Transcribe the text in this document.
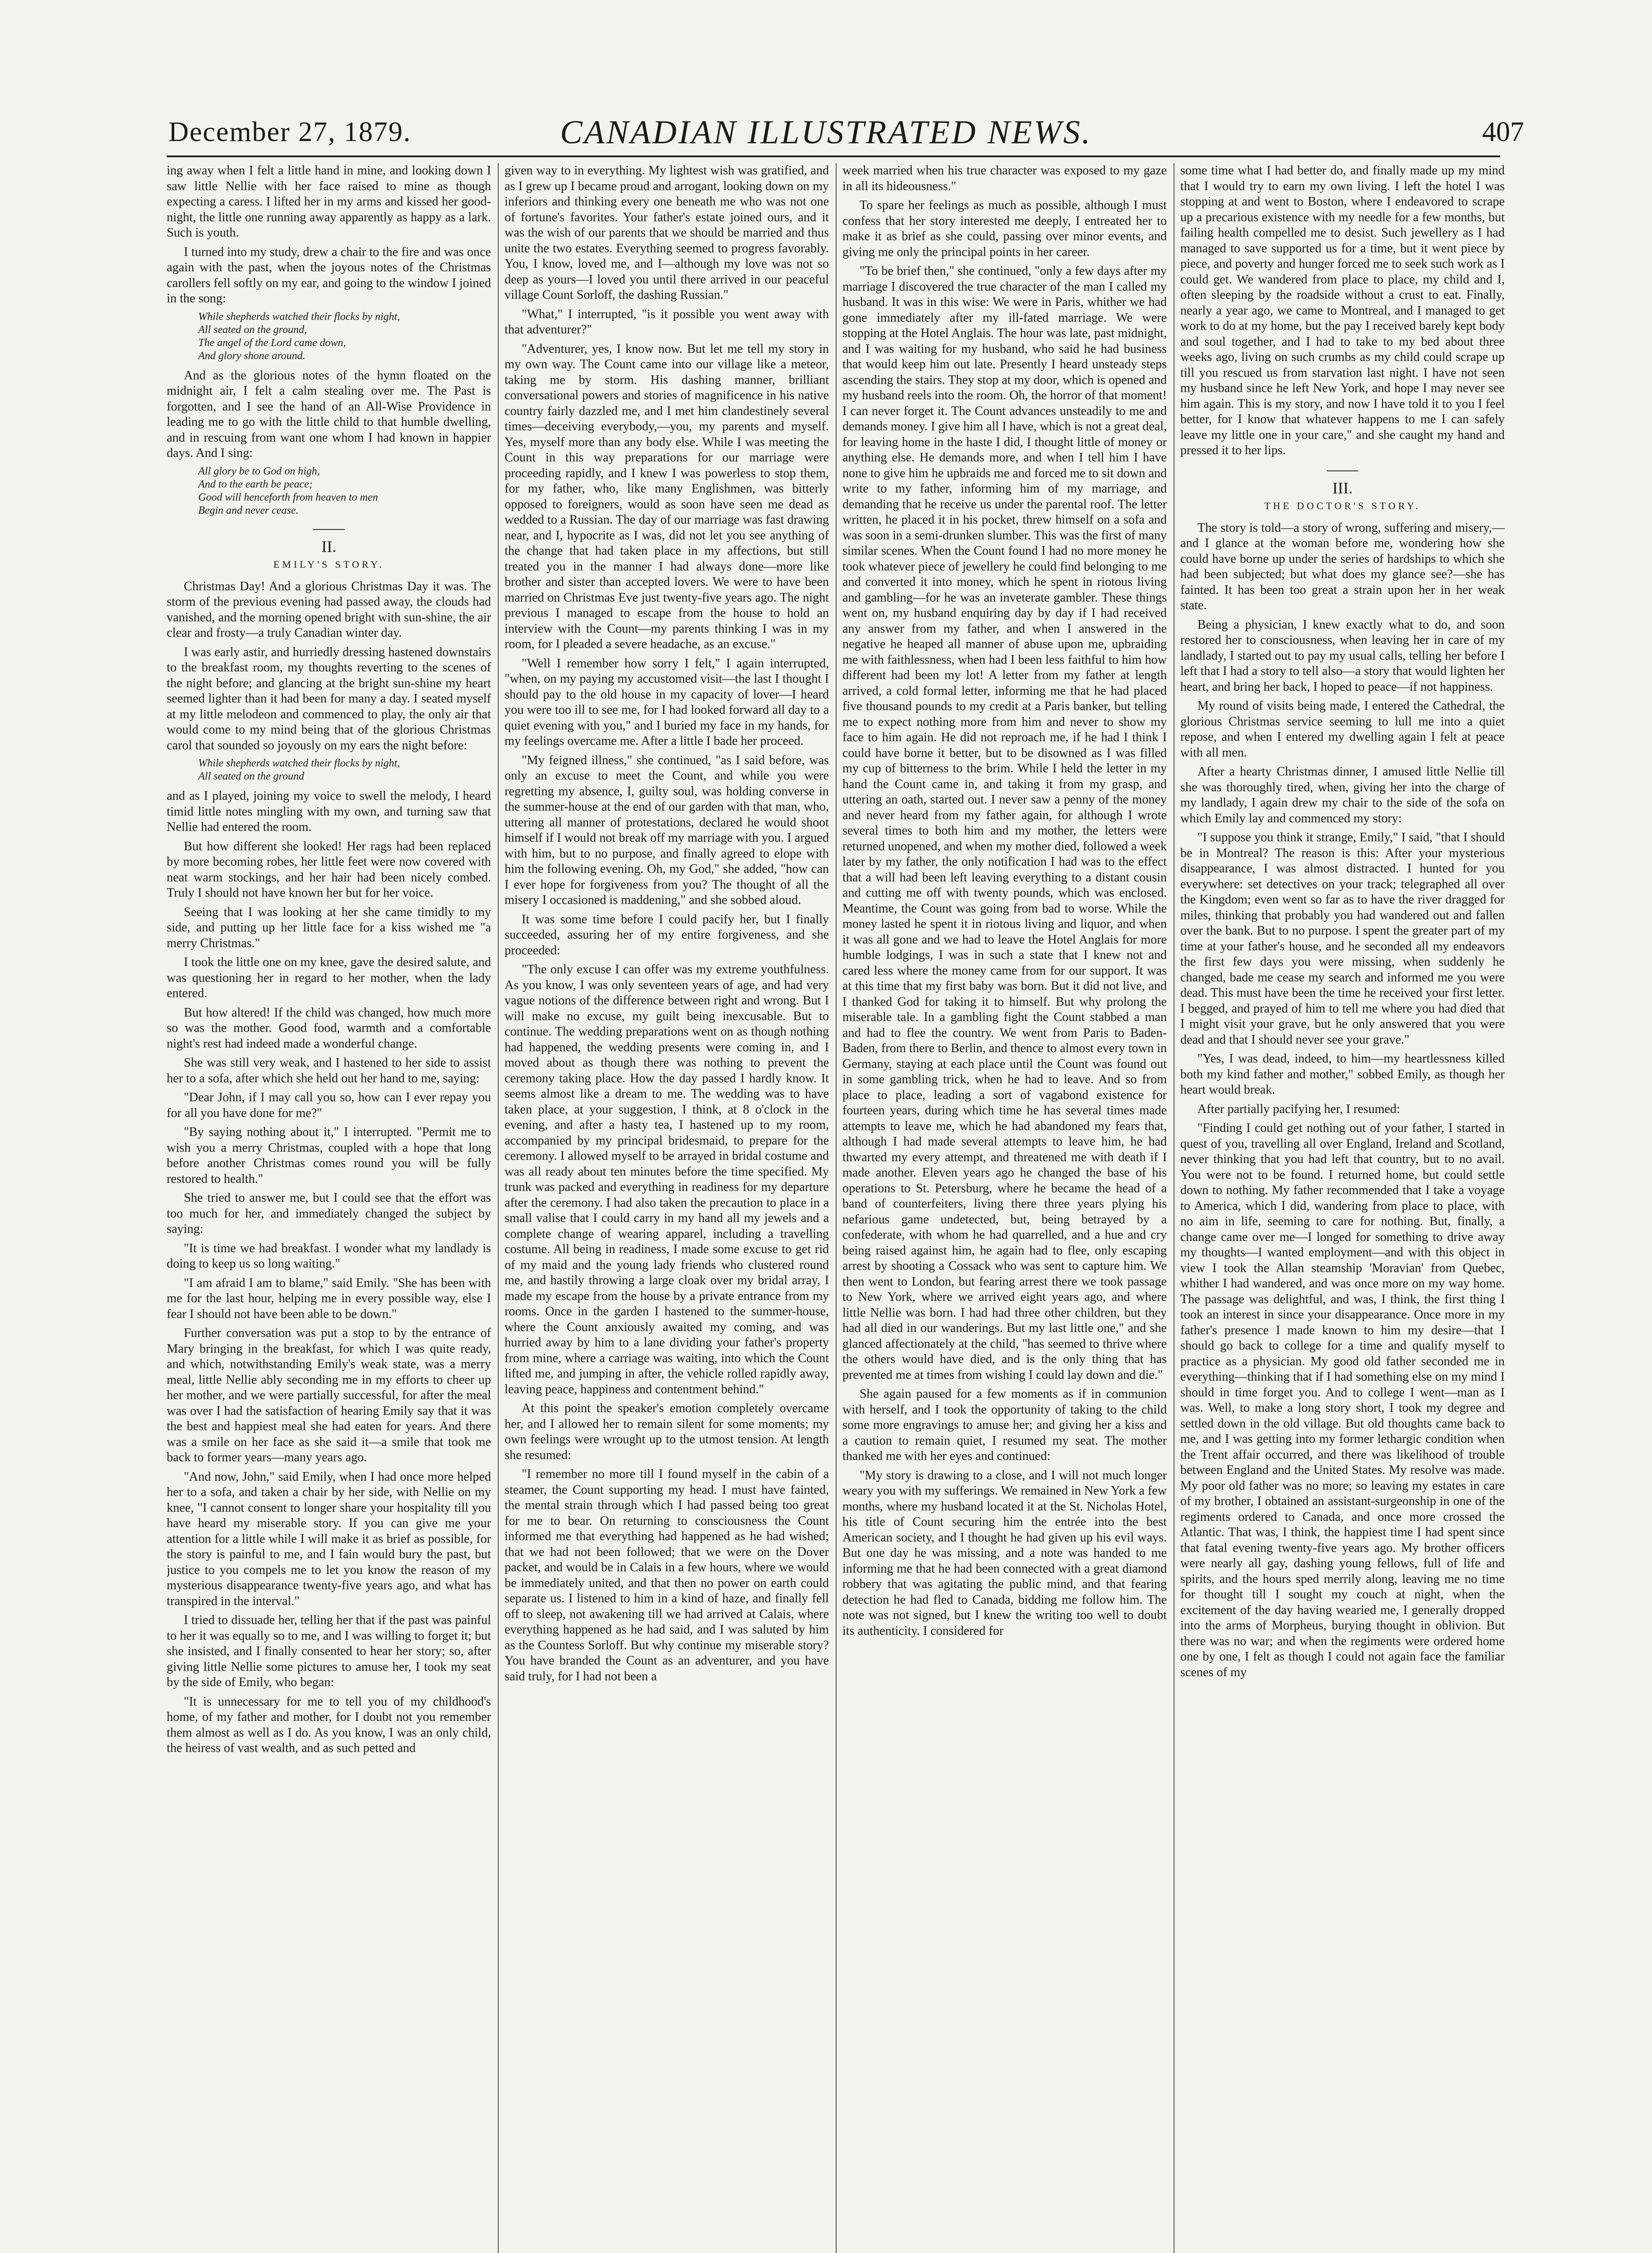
December 27, 1879.	CANADIAN ILLUSTRATED NEWS.	407

ing away when I felt a little hand in mine, and looking down I saw little Nellie with her face raised to mine as though expecting a caress. I lifted her in my arms and kissed her good-night, the little one running away apparently as happy as a lark. Such is youth.

I turned into my study, drew a chair to the fire and was once again with the past, when the joyous notes of the Christmas carollers fell softly on my ear, and going to the window I joined in the song:

While shepherds watched their flocks by night,
All seated on the ground,
The angel of the Lord came down,
And glory shone around.

And as the glorious notes of the hymn floated on the midnight air, I felt a calm stealing over me. The Past is forgotten, and I see the hand of an All-Wise Providence in leading me to go with the little child to that humble dwelling, and in rescuing from want one whom I had known in happier days. And I sing:

All glory be to God on high,
And to the earth be peace;
Good will henceforth from heaven to men
Begin and never cease.
II.
EMILY'S STORY.

Christmas Day! And a glorious Christmas Day it was. The storm of the previous evening had passed away, the clouds had vanished, and the morning opened bright with sun-shine, the air clear and frosty—a truly Canadian winter day.

I was early astir, and hurriedly dressing hastened downstairs to the breakfast room, my thoughts reverting to the scenes of the night before; and glancing at the bright sun-shine my heart seemed lighter than it had been for many a day. I seated myself at my little melodeon and commenced to play, the only air that would come to my mind being that of the glorious Christmas carol that sounded so joyously on my ears the night before:

While shepherds watched their flocks by night,
All seated on the ground

and as I played, joining my voice to swell the melody, I heard timid little notes mingling with my own, and turning saw that Nellie had entered the room.

But how different she looked! Her rags had been replaced by more becoming robes, her little feet were now covered with neat warm stockings, and her hair had been nicely combed. Truly I should not have known her but for her voice.

Seeing that I was looking at her she came timidly to my side, and putting up her little face for a kiss wished me "a merry Christmas."

I took the little one on my knee, gave the desired salute, and was questioning her in regard to her mother, when the lady entered.

But how altered! If the child was changed, how much more so was the mother. Good food, warmth and a comfortable night's rest had indeed made a wonderful change.

She was still very weak, and I hastened to her side to assist her to a sofa, after which she held out her hand to me, saying:

"Dear John, if I may call you so, how can I ever repay you for all you have done for me?"

"By saying nothing about it," I interrupted. "Permit me to wish you a merry Christmas, coupled with a hope that long before another Christmas comes round you will be fully restored to health."

She tried to answer me, but I could see that the effort was too much for her, and immediately changed the subject by saying:

"It is time we had breakfast. I wonder what my landlady is doing to keep us so long waiting."

"I am afraid I am to blame," said Emily. "She has been with me for the last hour, helping me in every possible way, else I fear I should not have been able to be down."

Further conversation was put a stop to by the entrance of Mary bringing in the breakfast, for which I was quite ready, and which, notwithstanding Emily's weak state, was a merry meal, little Nellie ably seconding me in my efforts to cheer up her mother, and we were partially successful, for after the meal was over I had the satisfaction of hearing Emily say that it was the best and happiest meal she had eaten for years. And there was a smile on her face as she said it—a smile that took me back to former years—many years ago.

"And now, John," said Emily, when I had once more helped her to a sofa, and taken a chair by her side, with Nellie on my knee, "I cannot consent to longer share your hospitality till you have heard my miserable story. If you can give me your attention for a little while I will make it as brief as possible, for the story is painful to me, and I fain would bury the past, but justice to you compels me to let you know the reason of my mysterious disappearance twenty-five years ago, and what has transpired in the interval."

I tried to dissuade her, telling her that if the past was painful to her it was equally so to me, and I was willing to forget it; but she insisted, and I finally consented to hear her story; so, after giving little Nellie some pictures to amuse her, I took my seat by the side of Emily, who began:

"It is unnecessary for me to tell you of my childhood's home, of my father and mother, for I doubt not you remember them almost as well as I do. As you know, I was an only child, the heiress of vast wealth, and as such petted and

given way to in everything. My lightest wish was gratified, and as I grew up I became proud and arrogant, looking down on my inferiors and thinking every one beneath me who was not one of fortune's favorites. Your father's estate joined ours, and it was the wish of our parents that we should be married and thus unite the two estates. Everything seemed to progress favorably. You, I know, loved me, and I—although my love was not so deep as yours—I loved you until there arrived in our peaceful village Count Sorloff, the dashing Russian."

"What," I interrupted, "is it possible you went away with that adventurer?"

"Adventurer, yes, I know now. But let me tell my story in my own way. The Count came into our village like a meteor, taking me by storm. His dashing manner, brilliant conversational powers and stories of magnificence in his native country fairly dazzled me, and I met him clandestinely several times—deceiving everybody,—you, my parents and myself. Yes, myself more than any body else. While I was meeting the Count in this way preparations for our marriage were proceeding rapidly, and I knew I was powerless to stop them, for my father, who, like many Englishmen, was bitterly opposed to foreigners, would as soon have seen me dead as wedded to a Russian. The day of our marriage was fast drawing near, and I, hypocrite as I was, did not let you see anything of the change that had taken place in my affections, but still treated you in the manner I had always done—more like brother and sister than accepted lovers. We were to have been married on Christmas Eve just twenty-five years ago. The night previous I managed to escape from the house to hold an interview with the Count—my parents thinking I was in my room, for I pleaded a severe headache, as an excuse."

"Well I remember how sorry I felt," I again interrupted, "when, on my paying my accustomed visit—the last I thought I should pay to the old house in my capacity of lover—I heard you were too ill to see me, for I had looked forward all day to a quiet evening with you," and I buried my face in my hands, for my feelings overcame me. After a little I bade her proceed.

"My feigned illness," she continued, "as I said before, was only an excuse to meet the Count, and while you were regretting my absence, I, guilty soul, was holding converse in the summer-house at the end of our garden with that man, who, uttering all manner of protestations, declared he would shoot himself if I would not break off my marriage with you. I argued with him, but to no purpose, and finally agreed to elope with him the following evening. Oh, my God," she added, "how can I ever hope for forgiveness from you? The thought of all the misery I occasioned is maddening," and she sobbed aloud.

It was some time before I could pacify her, but I finally succeeded, assuring her of my entire forgiveness, and she proceeded:

"The only excuse I can offer was my extreme youthfulness. As you know, I was only seventeen years of age, and had very vague notions of the difference between right and wrong. But I will make no excuse, my guilt being inexcusable. But to continue. The wedding preparations went on as though nothing had happened, the wedding presents were coming in, and I moved about as though there was nothing to prevent the ceremony taking place. How the day passed I hardly know. It seems almost like a dream to me. The wedding was to have taken place, at your suggestion, I think, at 8 o'clock in the evening, and after a hasty tea, I hastened up to my room, accompanied by my principal bridesmaid, to prepare for the ceremony. I allowed myself to be arrayed in bridal costume and was all ready about ten minutes before the time specified. My trunk was packed and everything in readiness for my departure after the ceremony. I had also taken the precaution to place in a small valise that I could carry in my hand all my jewels and a complete change of wearing apparel, including a travelling costume. All being in readiness, I made some excuse to get rid of my maid and the young lady friends who clustered round me, and hastily throwing a large cloak over my bridal array, I made my escape from the house by a private entrance from my rooms. Once in the garden I hastened to the summer-house, where the Count anxiously awaited my coming, and was hurried away by him to a lane dividing your father's property from mine, where a carriage was waiting, into which the Count lifted me, and jumping in after, the vehicle rolled rapidly away, leaving peace, happiness and contentment behind."

At this point the speaker's emotion completely overcame her, and I allowed her to remain silent for some moments; my own feelings were wrought up to the utmost tension. At length she resumed:

"I remember no more till I found myself in the cabin of a steamer, the Count supporting my head. I must have fainted, the mental strain through which I had passed being too great for me to bear. On returning to consciousness the Count informed me that everything had happened as he had wished; that we had not been followed; that we were on the Dover packet, and would be in Calais in a few hours, where we would be immediately united, and that then no power on earth could separate us. I listened to him in a kind of haze, and finally fell off to sleep, not awakening till we had arrived at Calais, where everything happened as he had said, and I was saluted by him as the Countess Sorloff. But why continue my miserable story? You have branded the Count as an adventurer, and you have said truly, for I had not been a

week married when his true character was exposed to my gaze in all its hideousness."

To spare her feelings as much as possible, although I must confess that her story interested me deeply, I entreated her to make it as brief as she could, passing over minor events, and giving me only the principal points in her career.

"To be brief then," she continued, "only a few days after my marriage I discovered the true character of the man I called my husband. It was in this wise: We were in Paris, whither we had gone immediately after my ill-fated marriage. We were stopping at the Hotel Anglais. The hour was late, past midnight, and I was waiting for my husband, who said he had business that would keep him out late. Presently I heard unsteady steps ascending the stairs. They stop at my door, which is opened and my husband reels into the room. Oh, the horror of that moment! I can never forget it. The Count advances unsteadily to me and demands money. I give him all I have, which is not a great deal, for leaving home in the haste I did, I thought little of money or anything else. He demands more, and when I tell him I have none to give him he upbraids me and forced me to sit down and write to my father, informing him of my marriage, and demanding that he receive us under the parental roof. The letter written, he placed it in his pocket, threw himself on a sofa and was soon in a semi-drunken slumber. This was the first of many similar scenes. When the Count found I had no more money he took whatever piece of jewellery he could find belonging to me and converted it into money, which he spent in riotous living and gambling—for he was an inveterate gambler. These things went on, my husband enquiring day by day if I had received any answer from my father, and when I answered in the negative he heaped all manner of abuse upon me, upbraiding me with faithlessness, when had I been less faithful to him how different had been my lot! A letter from my father at length arrived, a cold formal letter, informing me that he had placed five thousand pounds to my credit at a Paris banker, but telling me to expect nothing more from him and never to show my face to him again. He did not reproach me, if he had I think I could have borne it better, but to be disowned as I was filled my cup of bitterness to the brim. While I held the letter in my hand the Count came in, and taking it from my grasp, and uttering an oath, started out. I never saw a penny of the money and never heard from my father again, for although I wrote several times to both him and my mother, the letters were returned unopened, and when my mother died, followed a week later by my father, the only notification I had was to the effect that a will had been left leaving everything to a distant cousin and cutting me off with twenty pounds, which was enclosed. Meantime, the Count was going from bad to worse. While the money lasted he spent it in riotous living and liquor, and when it was all gone and we had to leave the Hotel Anglais for more humble lodgings, I was in such a state that I knew not and cared less where the money came from for our support. It was at this time that my first baby was born. But it did not live, and I thanked God for taking it to himself. But why prolong the miserable tale. In a gambling fight the Count stabbed a man and had to flee the country. We went from Paris to Baden-Baden, from there to Berlin, and thence to almost every town in Germany, staying at each place until the Count was found out in some gambling trick, when he had to leave. And so from place to place, leading a sort of vagabond existence for fourteen years, during which time he has several times made attempts to leave me, which he had abandoned my fears that, although I had made several attempts to leave him, he had thwarted my every attempt, and threatened me with death if I made another. Eleven years ago he changed the base of his operations to St. Petersburg, where he became the head of a band of counterfeiters, living there three years plying his nefarious game undetected, but, being betrayed by a confederate, with whom he had quarrelled, and a hue and cry being raised against him, he again had to flee, only escaping arrest by shooting a Cossack who was sent to capture him. We then went to London, but fearing arrest there we took passage to New York, where we arrived eight years ago, and where little Nellie was born. I had had three other children, but they had all died in our wanderings. But my last little one," and she glanced affectionately at the child, "has seemed to thrive where the others would have died, and is the only thing that has prevented me at times from wishing I could lay down and die."

She again paused for a few moments as if in communion with herself, and I took the opportunity of taking to the child some more engravings to amuse her; and giving her a kiss and a caution to remain quiet, I resumed my seat. The mother thanked me with her eyes and continued:

"My story is drawing to a close, and I will not much longer weary you with my sufferings. We remained in New York a few months, where my husband located it at the St. Nicholas Hotel, his title of Count securing him the entrée into the best American society, and I thought he had given up his evil ways. But one day he was missing, and a note was handed to me informing me that he had been connected with a great diamond robbery that was agitating the public mind, and that fearing detection he had fled to Canada, bidding me follow him. The note was not signed, but I knew the writing too well to doubt its authenticity. I considered for

some time what I had better do, and finally made up my mind that I would try to earn my own living. I left the hotel I was stopping at and went to Boston, where I endeavored to scrape up a precarious existence with my needle for a few months, but failing health compelled me to desist. Such jewellery as I had managed to save supported us for a time, but it went piece by piece, and poverty and hunger forced me to seek such work as I could get. We wandered from place to place, my child and I, often sleeping by the roadside without a crust to eat. Finally, nearly a year ago, we came to Montreal, and I managed to get work to do at my home, but the pay I received barely kept body and soul together, and I had to take to my bed about three weeks ago, living on such crumbs as my child could scrape up till you rescued us from starvation last night. I have not seen my husband since he left New York, and hope I may never see him again. This is my story, and now I have told it to you I feel better, for I know that whatever happens to me I can safely leave my little one in your care," and she caught my hand and pressed it to her lips.

III.
THE DOCTOR'S STORY.

The story is told—a story of wrong, suffering and misery,—and I glance at the woman before me, wondering how she could have borne up under the series of hardships to which she had been subjected; but what does my glance see?—she has fainted. It has been too great a strain upon her in her weak state.

Being a physician, I knew exactly what to do, and soon restored her to consciousness, when leaving her in care of my landlady, I started out to pay my usual calls, telling her before I left that I had a story to tell also—a story that would lighten her heart, and bring her back, I hoped to peace—if not happiness.

My round of visits being made, I entered the Cathedral, the glorious Christmas service seeming to lull me into a quiet repose, and when I entered my dwelling again I felt at peace with all men.

After a hearty Christmas dinner, I amused little Nellie till she was thoroughly tired, when, giving her into the charge of my landlady, I again drew my chair to the side of the sofa on which Emily lay and commenced my story:

"I suppose you think it strange, Emily," I said, "that I should be in Montreal? The reason is this: After your mysterious disappearance, I was almost distracted. I hunted for you everywhere: set detectives on your track; telegraphed all over the Kingdom; even went so far as to have the river dragged for miles, thinking that probably you had wandered out and fallen over the bank. But to no purpose. I spent the greater part of my time at your father's house, and he seconded all my endeavors the first few days you were missing, when suddenly he changed, bade me cease my search and informed me you were dead. This must have been the time he received your first letter. I begged, and prayed of him to tell me where you had died that I might visit your grave, but he only answered that you were dead and that I should never see your grave."

"Yes, I was dead, indeed, to him—my heartlessness killed both my kind father and mother," sobbed Emily, as though her heart would break.

After partially pacifying her, I resumed:

"Finding I could get nothing out of your father, I started in quest of you, travelling all over England, Ireland and Scotland, never thinking that you had left that country, but to no avail. You were not to be found. I returned home, but could settle down to nothing. My father recommended that I take a voyage to America, which I did, wandering from place to place, with no aim in life, seeming to care for nothing. But, finally, a change came over me—I longed for something to drive away my thoughts—I wanted employment—and with this object in view I took the Allan steamship 'Moravian' from Quebec, whither I had wandered, and was once more on my way home. The passage was delightful, and was, I think, the first thing I took an interest in since your disappearance. Once more in my father's presence I made known to him my desire—that I should go back to college for a time and qualify myself to practice as a physician. My good old father seconded me in everything—thinking that if I had something else on my mind I should in time forget you. And to college I went—man as I was. Well, to make a long story short, I took my degree and settled down in the old village. But old thoughts came back to me, and I was getting into my former lethargic condition when the Trent affair occurred, and there was likelihood of trouble between England and the United States. My resolve was made. My poor old father was no more; so leaving my estates in care of my brother, I obtained an assistant-surgeonship in one of the regiments ordered to Canada, and once more crossed the Atlantic. That was, I think, the happiest time I had spent since that fatal evening twenty-five years ago. My brother officers were nearly all gay, dashing young fellows, full of life and spirits, and the hours sped merrily along, leaving me no time for thought till I sought my couch at night, when the excitement of the day having wearied me, I generally dropped into the arms of Morpheus, burying thought in oblivion. But there was no war; and when the regiments were ordered home one by one, I felt as though I could not again face the familiar scenes of my
